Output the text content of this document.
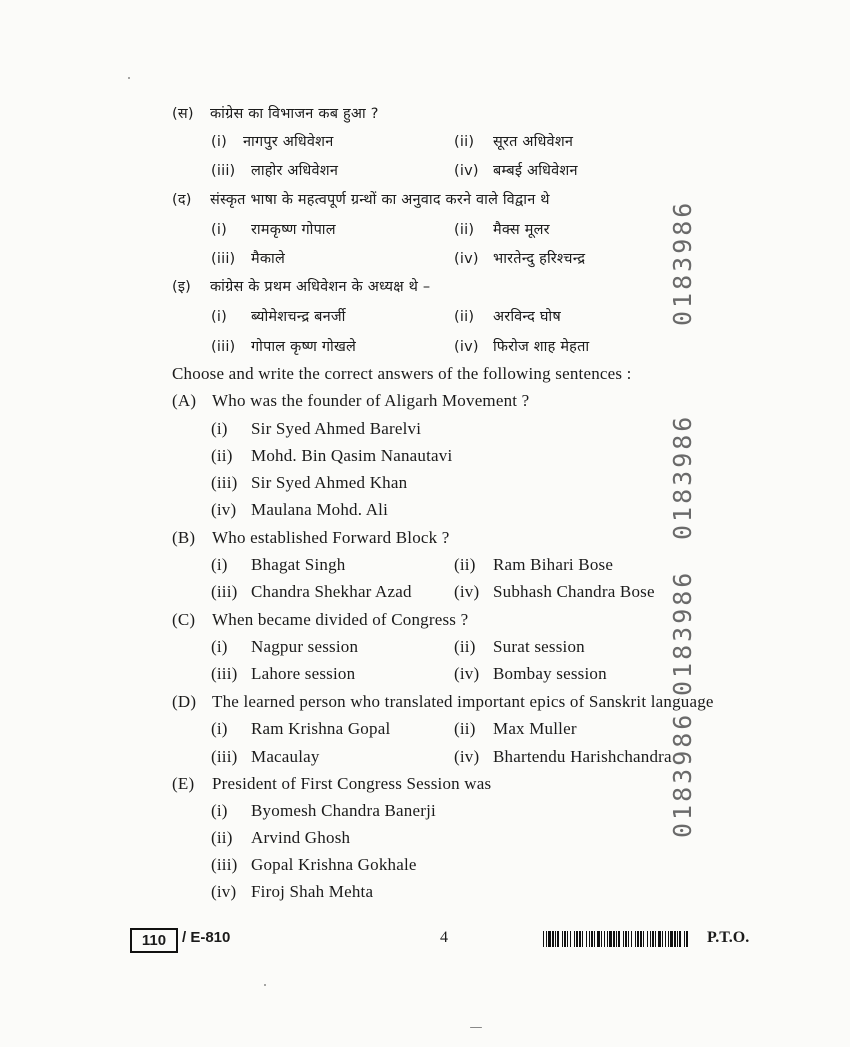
(स) कांग्रेस का विभाजन कब हुआ ?
(i) नागपुर अधिवेशन	(ii) सूरत अधिवेशन
(iii) लाहोर अधिवेशन	(iv) बम्बई अधिवेशन
(द) संस्कृत भाषा के महत्वपूर्ण ग्रन्थों का अनुवाद करने वाले विद्वान थे
(i) रामकृष्ण गोपाल	(ii) मैक्स मूलर
(iii) मैकाले	(iv) भारतेन्दु हरिश्चन्द्र
(इ) कांग्रेस के प्रथम अधिवेशन के अध्यक्ष थे –
(i) ब्योमेशचन्द्र बनर्जी	(ii) अरविन्द घोष
(iii) गोपाल कृष्ण गोखले	(iv) फिरोज शाह मेहता
Choose and write the correct answers of the following sentences :
(A) Who was the founder of Aligarh Movement ?
(i) Sir Syed Ahmed Barelvi
(ii) Mohd. Bin Qasim Nanautavi
(iii) Sir Syed Ahmed Khan
(iv) Maulana Mohd. Ali
(B) Who established Forward Block ?
(i) Bhagat Singh	(ii) Ram Bihari Bose
(iii) Chandra Shekhar Azad (iv) Subhash Chandra Bose
(C) When became divided of Congress ?
(i) Nagpur session	(ii) Surat session
(iii) Lahore session	(iv) Bombay session
(D) The learned person who translated important epics of Sanskrit language
(i) Ram Krishna Gopal	(ii) Max Muller
(iii) Macaulay	(iv) Bhartendu Harishchandra
(E) President of First Congress Session was
(i) Byomesh Chandra Banerji
(ii) Arvind Ghosh
(iii) Gopal Krishna Gokhale
(iv) Firoj Shah Mehta
0183986
0183986
0183986
0183986
110	/ E-810	4	P.T.O.
